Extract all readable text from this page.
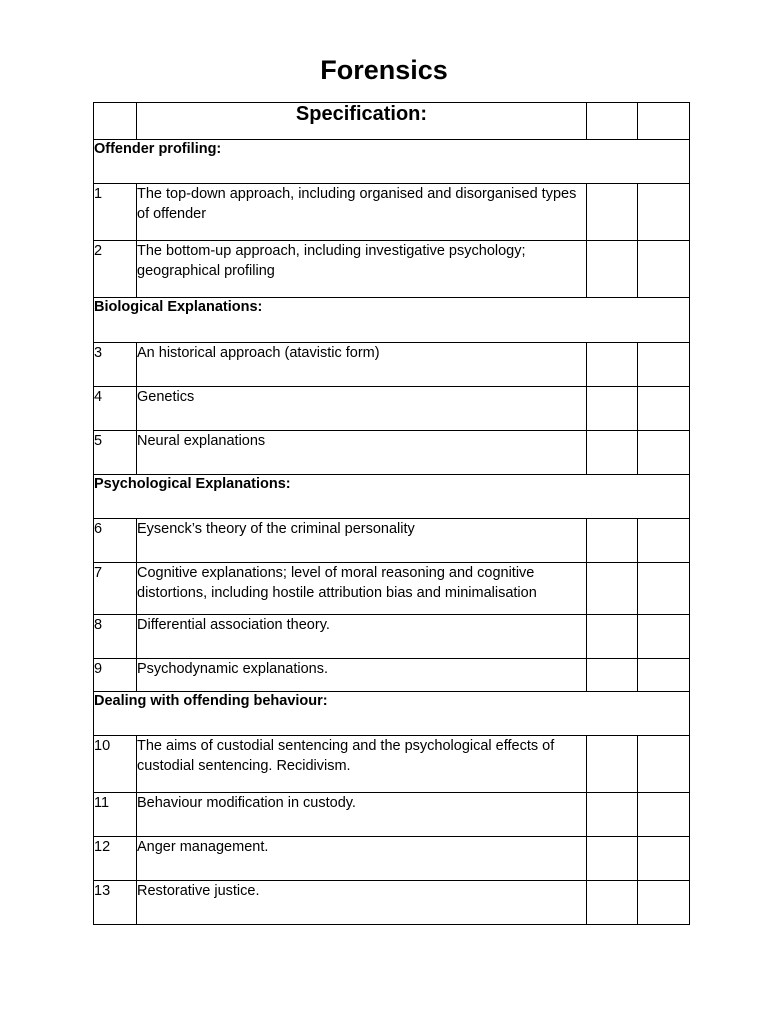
Forensics
	Specification:		
Offender profiling:			
1	The top-down approach, including organised and disorganised types of offender		
2	The bottom-up approach, including investigative psychology; geographical profiling		
Biological Explanations:			
3	An historical approach (atavistic form)		
4	Genetics		
5	Neural explanations		
Psychological Explanations:			
6	Eysenck’s theory of the criminal personality		
7	Cognitive explanations; level of moral reasoning and cognitive distortions, including hostile attribution bias and minimalisation		
8	Differential association theory.		
9	Psychodynamic explanations.		
Dealing with offending behaviour:			
10	The aims of custodial sentencing and the psychological effects of custodial sentencing. Recidivism.		
11	Behaviour modification in custody.		
12	Anger management.		
13	Restorative justice.		
